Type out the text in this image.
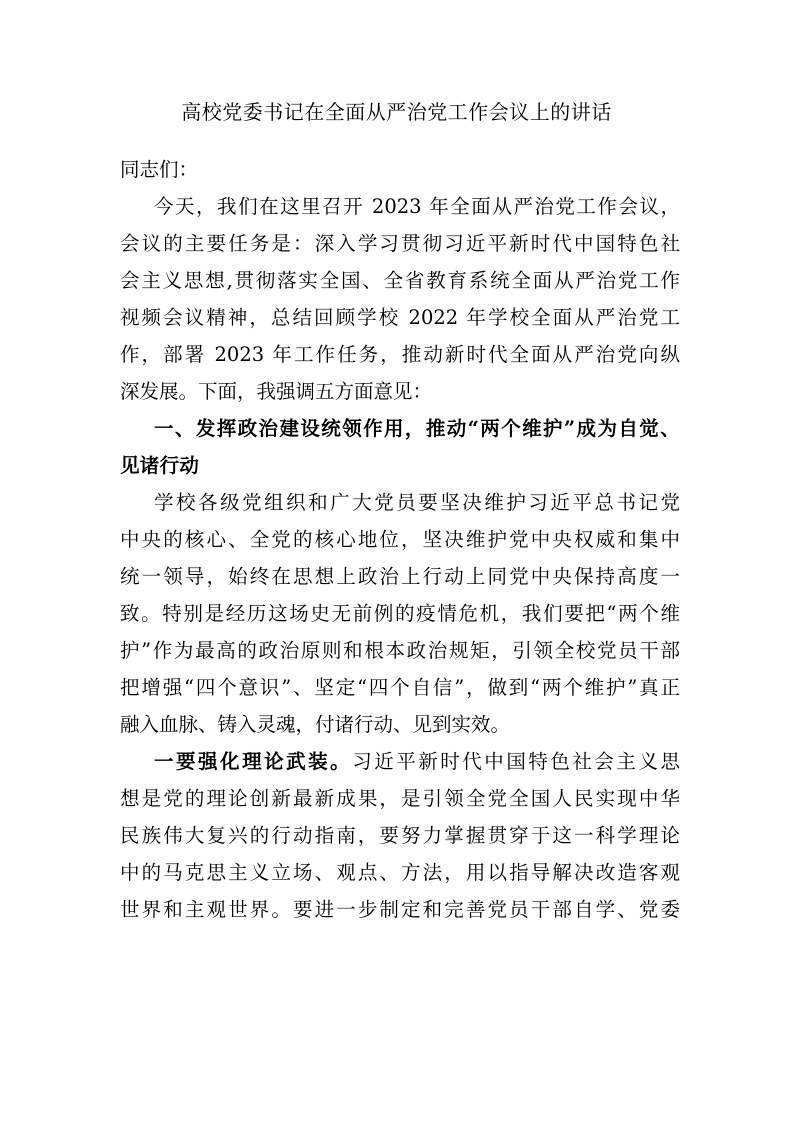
高校党委书记在全面从严治党工作会议上的讲话
同志们：
今天，我们在这里召开 2023 年全面从严治党工作会议，
会议的主要任务是：深入学习贯彻习近平新时代中国特色社
会主义思想,贯彻落实全国、全省教育系统全面从严治党工作
视频会议精神，总结回顾学校 2022 年学校全面从严治党工
作，部署 2023 年工作任务，推动新时代全面从严治党向纵
深发展。下面，我强调五方面意见：
一、发挥政治建设统领作用，推动“两个维护”成为自觉、
见诸行动
学校各级党组织和广大党员要坚决维护习近平总书记党
中央的核心、全党的核心地位，坚决维护党中央权威和集中
统一领导，始终在思想上政治上行动上同党中央保持高度一
致。特别是经历这场史无前例的疫情危机，我们要把“两个维
护”作为最高的政治原则和根本政治规矩，引领全校党员干部
把增强“四个意识”、坚定“四个自信”，做到“两个维护”真正
融入血脉、铸入灵魂，付诸行动、见到实效。
一要强化理论武装。习近平新时代中国特色社会主义思
想是党的理论创新最新成果，是引领全党全国人民实现中华
民族伟大复兴的行动指南，要努力掌握贯穿于这一科学理论
中的马克思主义立场、观点、方法，用以指导解决改造客观
世界和主观世界。要进一步制定和完善党员干部自学、党委
